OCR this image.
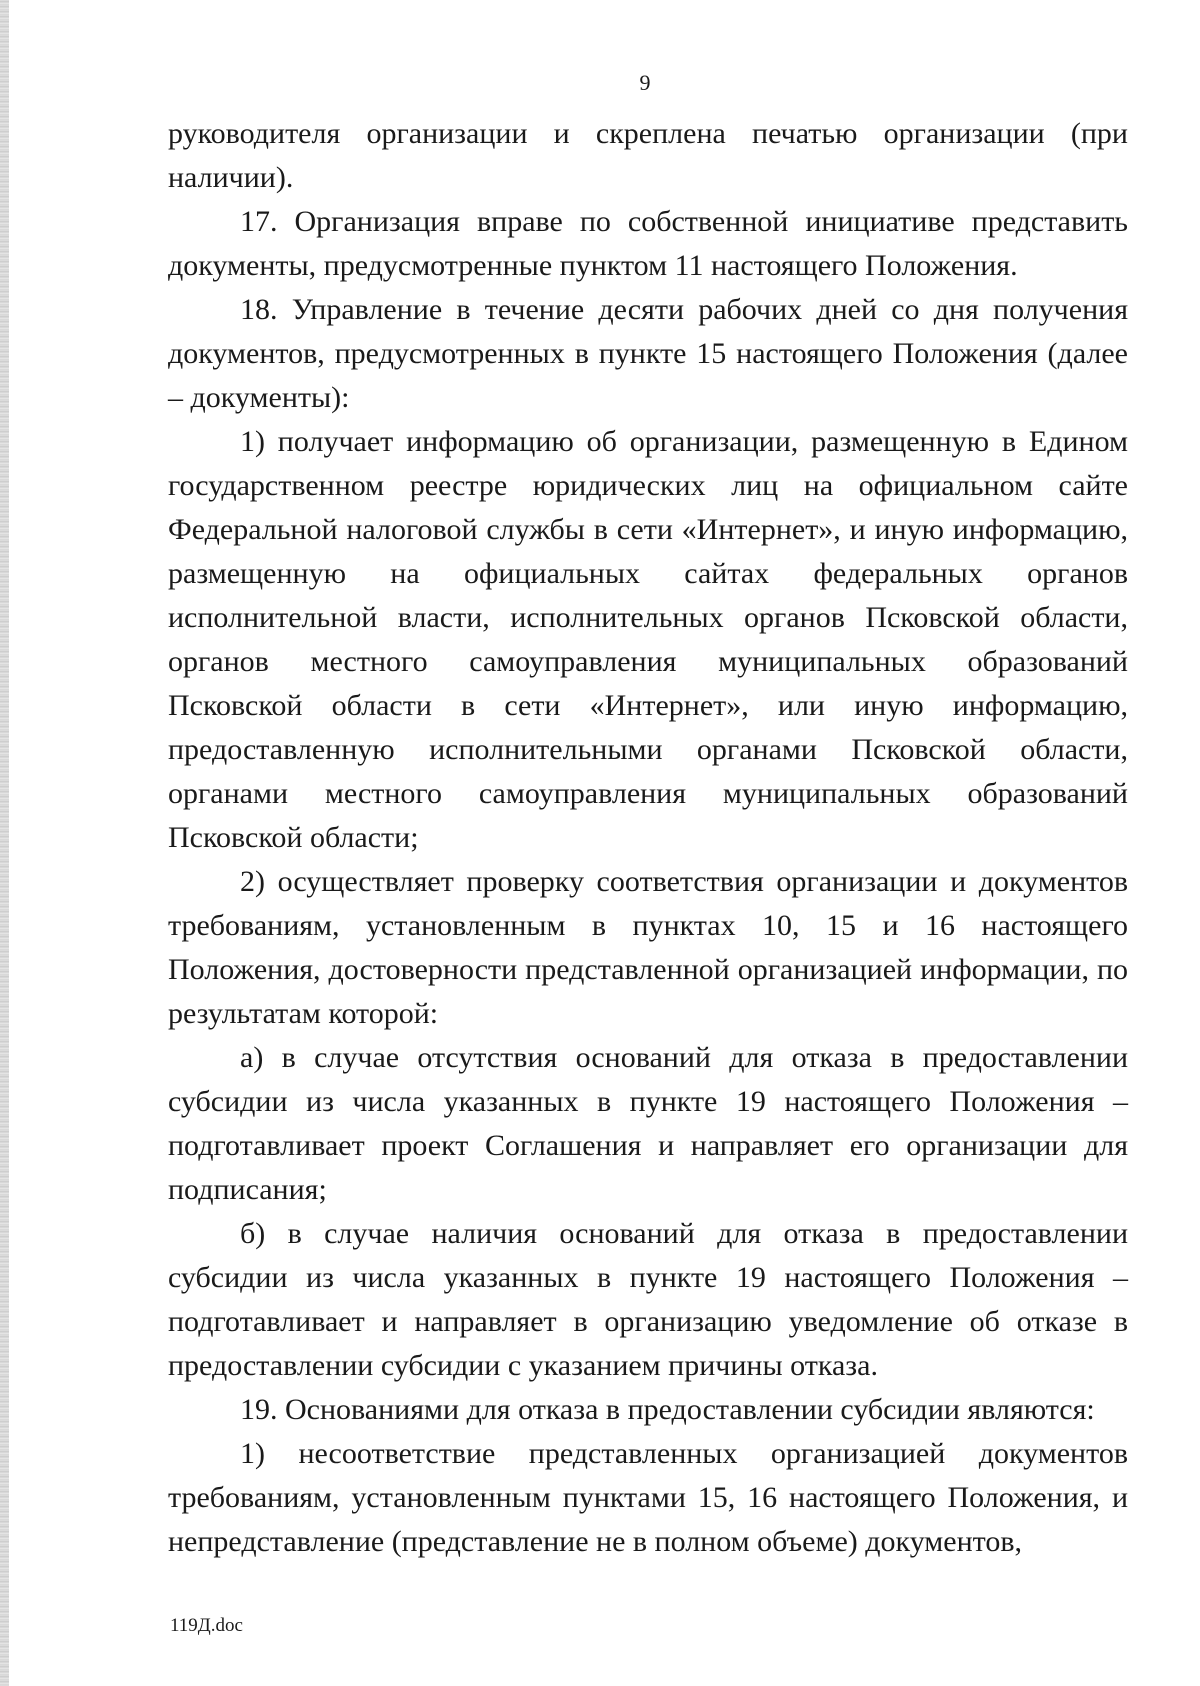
9

руководителя организации и скреплена печатью организации (при наличии).

17. Организация вправе по собственной инициативе представить документы, предусмотренные пунктом 11 настоящего Положения.

18. Управление в течение десяти рабочих дней со дня получения документов, предусмотренных в пункте 15 настоящего Положения (далее – документы):

1) получает информацию об организации, размещенную в Едином государственном реестре юридических лиц на официальном сайте Федеральной налоговой службы в сети «Интернет», и иную информацию, размещенную на официальных сайтах федеральных органов исполнительной власти, исполнительных органов Псковской области, органов местного самоуправления муниципальных образований Псковской области в сети «Интернет», или иную информацию, предоставленную исполнительными органами Псковской области, органами местного самоуправления муниципальных образований Псковской области;

2) осуществляет проверку соответствия организации и документов требованиям, установленным в пунктах 10, 15 и 16 настоящего Положения, достоверности представленной организацией информации, по результатам которой:

а) в случае отсутствия оснований для отказа в предоставлении субсидии из числа указанных в пункте 19 настоящего Положения – подготавливает проект Соглашения и направляет его организации для подписания;

б) в случае наличия оснований для отказа в предоставлении субсидии из числа указанных в пункте 19 настоящего Положения – подготавливает и направляет в организацию уведомление об отказе в предоставлении субсидии с указанием причины отказа.

19. Основаниями для отказа в предоставлении субсидии являются:

1) несоответствие представленных организацией документов требованиям, установленным пунктами 15, 16 настоящего Положения, и непредставление (представление не в полном объеме) документов,

119Д.doc
